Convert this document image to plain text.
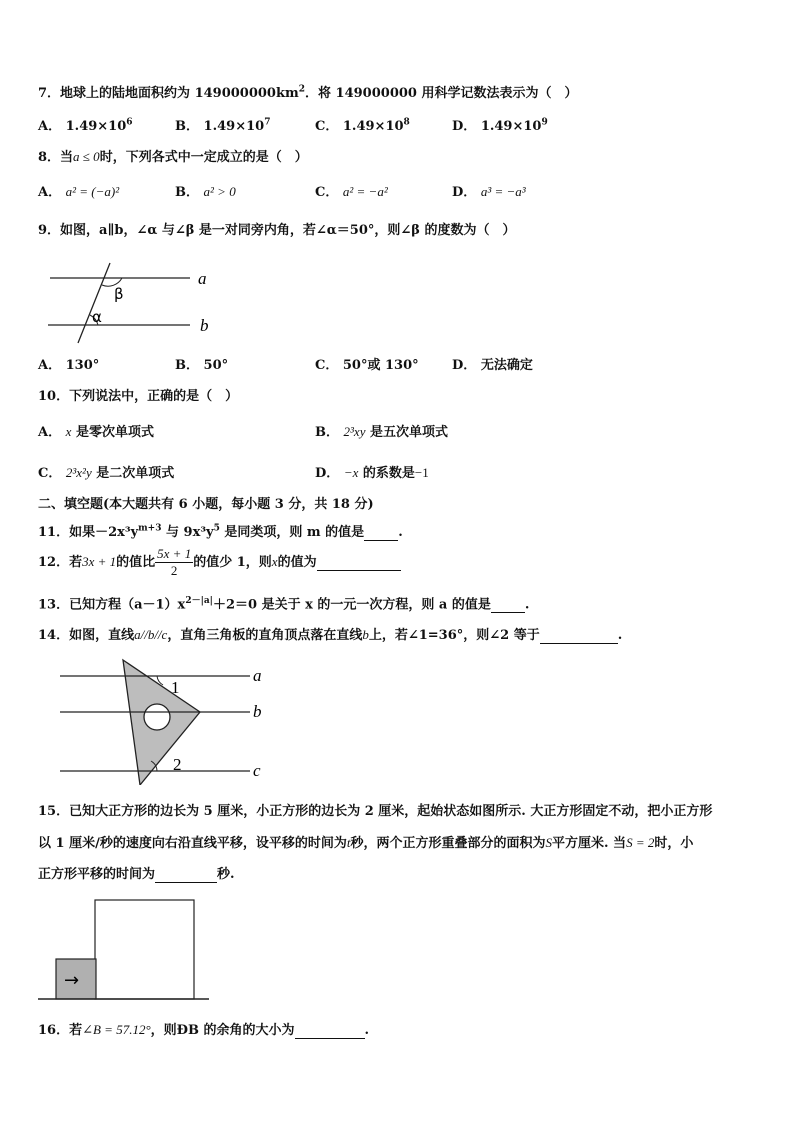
7．地球上的陆地面积约为 $149000000km^2$．将 149000000 用科学记数法表示为（　）
A． $1.49\times 10^6$	B． $1.49\times 10^7$	C． $1.49\times 10^8$	D． $1.49\times 10^9$
8．当a ≤ 0时，下列各式中一定成立的是（　）
A． a² = (−a)²	B． a² > 0	C． a² = −a²	D． a³ = −a³
9．如图，a∥b，∠α 与∠β 是一对同旁内角，若∠α＝50°，则∠β 的度数为（　）
β
α
a
b
A． 130°	B． 50°	C． 50°或 130°	D． 无法确定
10．下列说法中，正确的是（　）
A． x 是零次单项式	B． 2³xy 是五次单项式
C． 2³x²y 是二次单项式	D． −x 的系数是−1
二、填空题(本大题共有 6 小题，每小题 3 分，共 18 分)
11．如果$-2x^3y^{m+3}$ 与 $9x^3y^5$ 是同类项，则 m 的值是	.
12．若3x + 1的值比 $\frac{5x + 1}{2}$ 的值少 1，则x的值为
13．已知方程$(a-1)x^{2-|a|}+2=0$ 是关于 x 的一元一次方程，则 a 的值是	.
14．如图，直线a//b//c，直角三角板的直角顶点落在直线b上，若∠1=36°，则∠2 等于	.
1
2
a
b
c
15．已知大正方形的边长为 5 厘米，小正方形的边长为 2 厘米，起始状态如图所示. 大正方形固定不动，把小正方形
以 1 厘米/秒的速度向右沿直线平移，设平移的时间为t秒，两个正方形重叠部分的面积为S平方厘米. 当S = 2时，小
正方形平移的时间为	秒.
→
16．若∠B = 57.12°，则ÐB 的余角的大小为	.
